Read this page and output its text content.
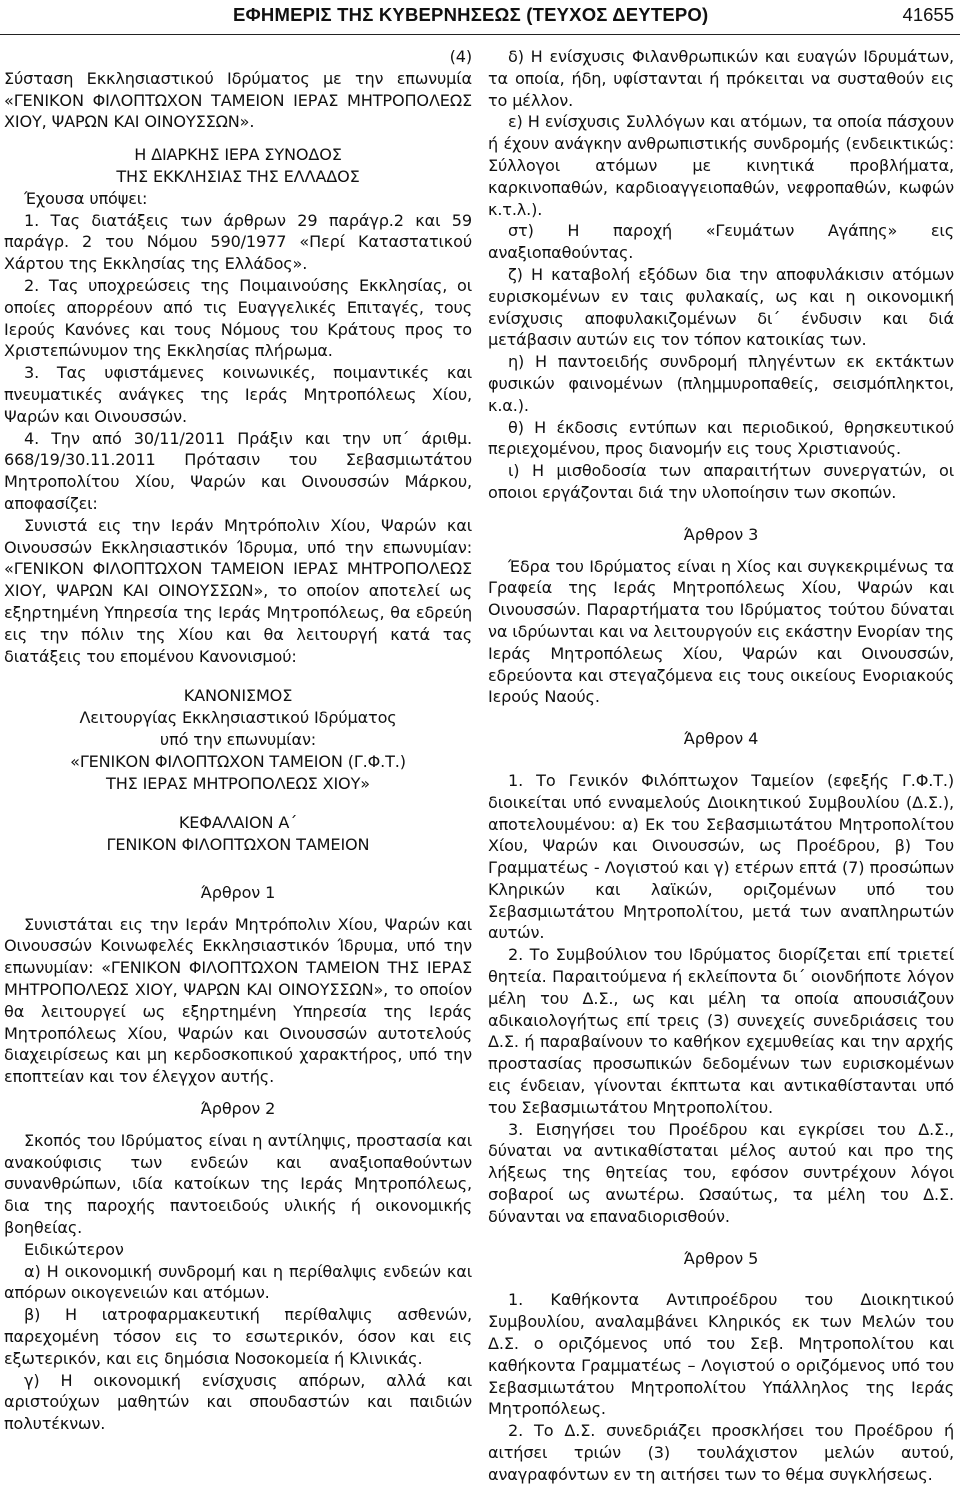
ΕΦΗΜΕΡΙΣ ΤΗΣ ΚΥΒΕΡΝΗΣΕΩΣ (ΤΕΥΧΟΣ ΔΕΥΤΕΡΟ)	41655

(4)

Σύσταση Εκκλησιαστικού Ιδρύματος με την επωνυμία «ΓΕΝΙΚΟΝ ΦΙΛΟΠΤΩΧΟΝ ΤΑΜΕΙΟΝ ΙΕΡΑΣ ΜΗΤΡΟΠΟΛΕΩΣ ΧΙΟΥ, ΨΑΡΩΝ ΚΑΙ ΟΙΝΟΥΣΣΩΝ».

Η ΔΙΑΡΚΗΣ ΙΕΡΑ ΣΥΝΟΔΟΣ

ΤΗΣ ΕΚΚΛΗΣΙΑΣ ΤΗΣ ΕΛΛΑΔΟΣ

Έχουσα υπόψει:

1. Τας διατάξεις των άρθρων 29 παράγρ.2 και 59 παράγρ. 2 του Νόμου 590/1977 «Περί Καταστατικού Χάρτου της Εκκλησίας της Ελλάδος».

2. Τας υποχρεώσεις της Ποιμαινούσης Εκκλησίας, οι οποίες απορρέουν από τις Ευαγγελικές Επιταγές, τους Ιερούς Κανόνες και τους Νόμους του Κράτους προς το Χριστεπώνυμον της Εκκλησίας πλήρωμα.

3. Τας υφιστάμενες κοινωνικές, ποιμαντικές και πνευματικές ανάγκες της Ιεράς Μητροπόλεως Χίου, Ψαρών και Οινουσσών.

4. Την από 30/11/2011 Πράξιν και την υπ΄ άριθμ. 668/19/30.11.2011 Πρότασιν του Σεβασμιωτάτου Μητροπολίτου Χίου, Ψαρών και Οινουσσών Μάρκου, αποφασίζει:

Συνιστά εις την Ιεράν Μητρόπολιν Χίου, Ψαρών και Οινουσσών Εκκλησιαστικόν Ίδρυμα, υπό την επωνυμίαν: «ΓΕΝΙΚΟΝ ΦΙΛΟΠΤΩΧΟΝ ΤΑΜΕΙΟΝ ΙΕΡΑΣ ΜΗΤΡΟΠΟΛΕΩΣ ΧΙΟΥ, ΨΑΡΩΝ ΚΑΙ ΟΙΝΟΥΣΣΩΝ», το οποίον αποτελεί ως εξηρτημένη Υπηρεσία της Ιεράς Μητροπόλεως, θα εδρεύη εις την πόλιν της Χίου και θα λειτουργή κατά τας διατάξεις του επομένου Κανονισμού:

ΚΑΝΟΝΙΣΜΟΣ

Λειτουργίας Εκκλησιαστικού Ιδρύματος

υπό την επωνυμίαν:

«ΓΕΝΙΚΟΝ ΦΙΛΟΠΤΩΧΟΝ ΤΑΜΕΙΟΝ (Γ.Φ.Τ.)

ΤΗΣ ΙΕΡΑΣ ΜΗΤΡΟΠΟΛΕΩΣ ΧΙΟΥ»

ΚΕΦΑΛΑΙΟΝ Α΄

ΓΕΝΙΚΟΝ ΦΙΛΟΠΤΩΧΟΝ ΤΑΜΕΙΟΝ

Άρθρον 1

Συνιστάται εις την Ιεράν Μητρόπολιν Χίου, Ψαρών και Οινουσσών Κοινωφελές Εκκλησιαστικόν Ίδρυμα, υπό την επωνυμίαν: «ΓΕΝΙΚΟΝ ΦΙΛΟΠΤΩΧΟΝ ΤΑΜΕΙΟΝ ΤΗΣ ΙΕΡΑΣ ΜΗΤΡΟΠΟΛΕΩΣ ΧΙΟΥ, ΨΑΡΩΝ ΚΑΙ ΟΙΝΟΥΣΣΩΝ», το οποίον θα λειτουργεί ως εξηρτημένη Υπηρεσία της Ιεράς Μητροπόλεως Χίου, Ψαρών και Οινουσσών αυτοτελούς διαχειρίσεως και μη κερδοσκοπικού χαρακτήρος, υπό την εποπτείαν και τον έλεγχον αυτής.

Άρθρον 2

Σκοπός του Ιδρύματος είναι η αντίληψις, προστασία και ανακούφισις των ενδεών και αναξιοπαθούντων συνανθρώπων, ιδία κατοίκων της Ιεράς Μητροπόλεως, δια της παροχής παντοειδούς υλικής ή οικονομικής βοηθείας.

Ειδικώτερον

α) Η οικονομική συνδρομή και η περίθαλψις ενδεών και απόρων οικογενειών και ατόμων.

β) Η ιατροφαρμακευτική περίθαλψις ασθενών, παρεχομένη τόσον εις το εσωτερικόν, όσον και εις εξωτερικόν, και εις δημόσια Νοσοκομεία ή Κλινικάς.

γ) Η οικονομική ενίσχυσις απόρων, αλλά και αριστούχων μαθητών και σπουδαστών και παιδιών πολυτέκνων.

δ) Η ενίσχυσις Φιλανθρωπικών και ευαγών Ιδρυμάτων, τα οποία, ήδη, υφίστανται ή πρόκειται να συσταθούν εις το μέλλον.

ε) Η ενίσχυσις Συλλόγων και ατόμων, τα οποία πάσχουν ή έχουν ανάγκην ανθρωπιστικής συνδρομής (ενδεικτικώς: Σύλλογοι ατόμων με κινητικά προβλήματα, καρκινοπαθών, καρδιοαγγειοπαθών, νεφροπαθών, κωφών κ.τ.λ.).

στ) Η παροχή «Γευμάτων Αγάπης» εις αναξιοπαθούντας.

ζ) Η καταβολή εξόδων δια την αποφυλάκισιν ατόμων ευρισκομένων εν ταις φυλακαίς, ως και η οικονομική ενίσχυσις αποφυλακιζομένων δι΄ ένδυσιν και διά μετάβασιν αυτών εις τον τόπον κατοικίας των.

η) Η παντοειδής συνδρομή πληγέντων εκ εκτάκτων φυσικών φαινομένων (πλημμυροπαθείς, σεισμόπληκτοι, κ.α.).

θ) Η έκδοσις εντύπων και περιοδικού, θρησκευτικού περιεχομένου, προς διανομήν εις τους Χριστιανούς.

ι) Η μισθοδοσία των απαραιτήτων συνεργατών, οι οποιοι εργάζονται διά την υλοποίησιν των σκοπών.

Άρθρον 3

Έδρα του Ιδρύματος είναι η Χίος και συγκεκριμένως τα Γραφεία της Ιεράς Μητροπόλεως Χίου, Ψαρών και Οινουσσών. Παραρτήματα του Ιδρύματος τούτου δύναται να ιδρύωνται και να λειτουργούν εις εκάστην Ενορίαν της Ιεράς Μητροπόλεως Χίου, Ψαρών και Οινουσσών, εδρεύοντα και στεγαζόμενα εις τους οικείους Ενοριακούς Ιερούς Ναούς.

Άρθρον 4

1. Το Γενικόν Φιλόπτωχον Ταμείον (εφεξής Γ.Φ.Τ.) διοικείται υπό ενναμελούς Διοικητικού Συμβουλίου (Δ.Σ.), αποτελουμένου: α) Εκ του Σεβασμιωτάτου Μητροπολίτου Χίου, Ψαρών και Οινουσσών, ως Προέδρου, β) Του Γραμματέως - Λογιστού και γ) ετέρων επτά (7) προσώπων Κληρικών και λαϊκών, οριζομένων υπό του Σεβασμιωτάτου Μητροπολίτου, μετά των αναπληρωτών αυτών.

2. Το Συμβούλιον του Ιδρύματος διορίζεται επί τριετεί θητεία. Παραιτούμενα ή εκλείποντα δι΄ οιονδήποτε λόγον μέλη του Δ.Σ., ως και μέλη τα οποία απουσιάζουν αδικαιολογήτως επί τρεις (3) συνεχείς συνεδριάσεις του Δ.Σ. ή παραβαίνουν το καθήκον εχεμυθείας και την αρχής προστασίας προσωπικών δεδομένων των ευρισκομένων εις ένδειαν, γίνονται έκπτωτα και αντικαθίστανται υπό του Σεβασμιωτάτου Μητροπολίτου.

3. Εισηγήσει του Προέδρου και εγκρίσει του Δ.Σ., δύναται να αντικαθίσταται μέλος αυτού και προ της λήξεως της θητείας του, εφόσον συντρέχουν λόγοι σοβαροί ως ανωτέρω. Ωσαύτως, τα μέλη του Δ.Σ. δύνανται να επαναδιορισθούν.

Άρθρον 5

1. Καθήκοντα Αντιπροέδρου του Διοικητικού Συμβουλίου, αναλαμβάνει Κληρικός εκ των Μελών του Δ.Σ. ο οριζόμενος υπό του Σεβ. Μητροπολίτου και καθήκοντα Γραμματέως – Λογιστού ο οριζόμενος υπό του Σεβασμιωτάτου Μητροπολίτου Υπάλληλος της Ιεράς Μητροπόλεως.

2. Το Δ.Σ. συνεδριάζει προσκλήσει του Προέδρου ή αιτήσει τριών (3) τουλάχιστον μελών αυτού, αναγραφόντων εν τη αιτήσει των το θέμα συγκλήσεως.
